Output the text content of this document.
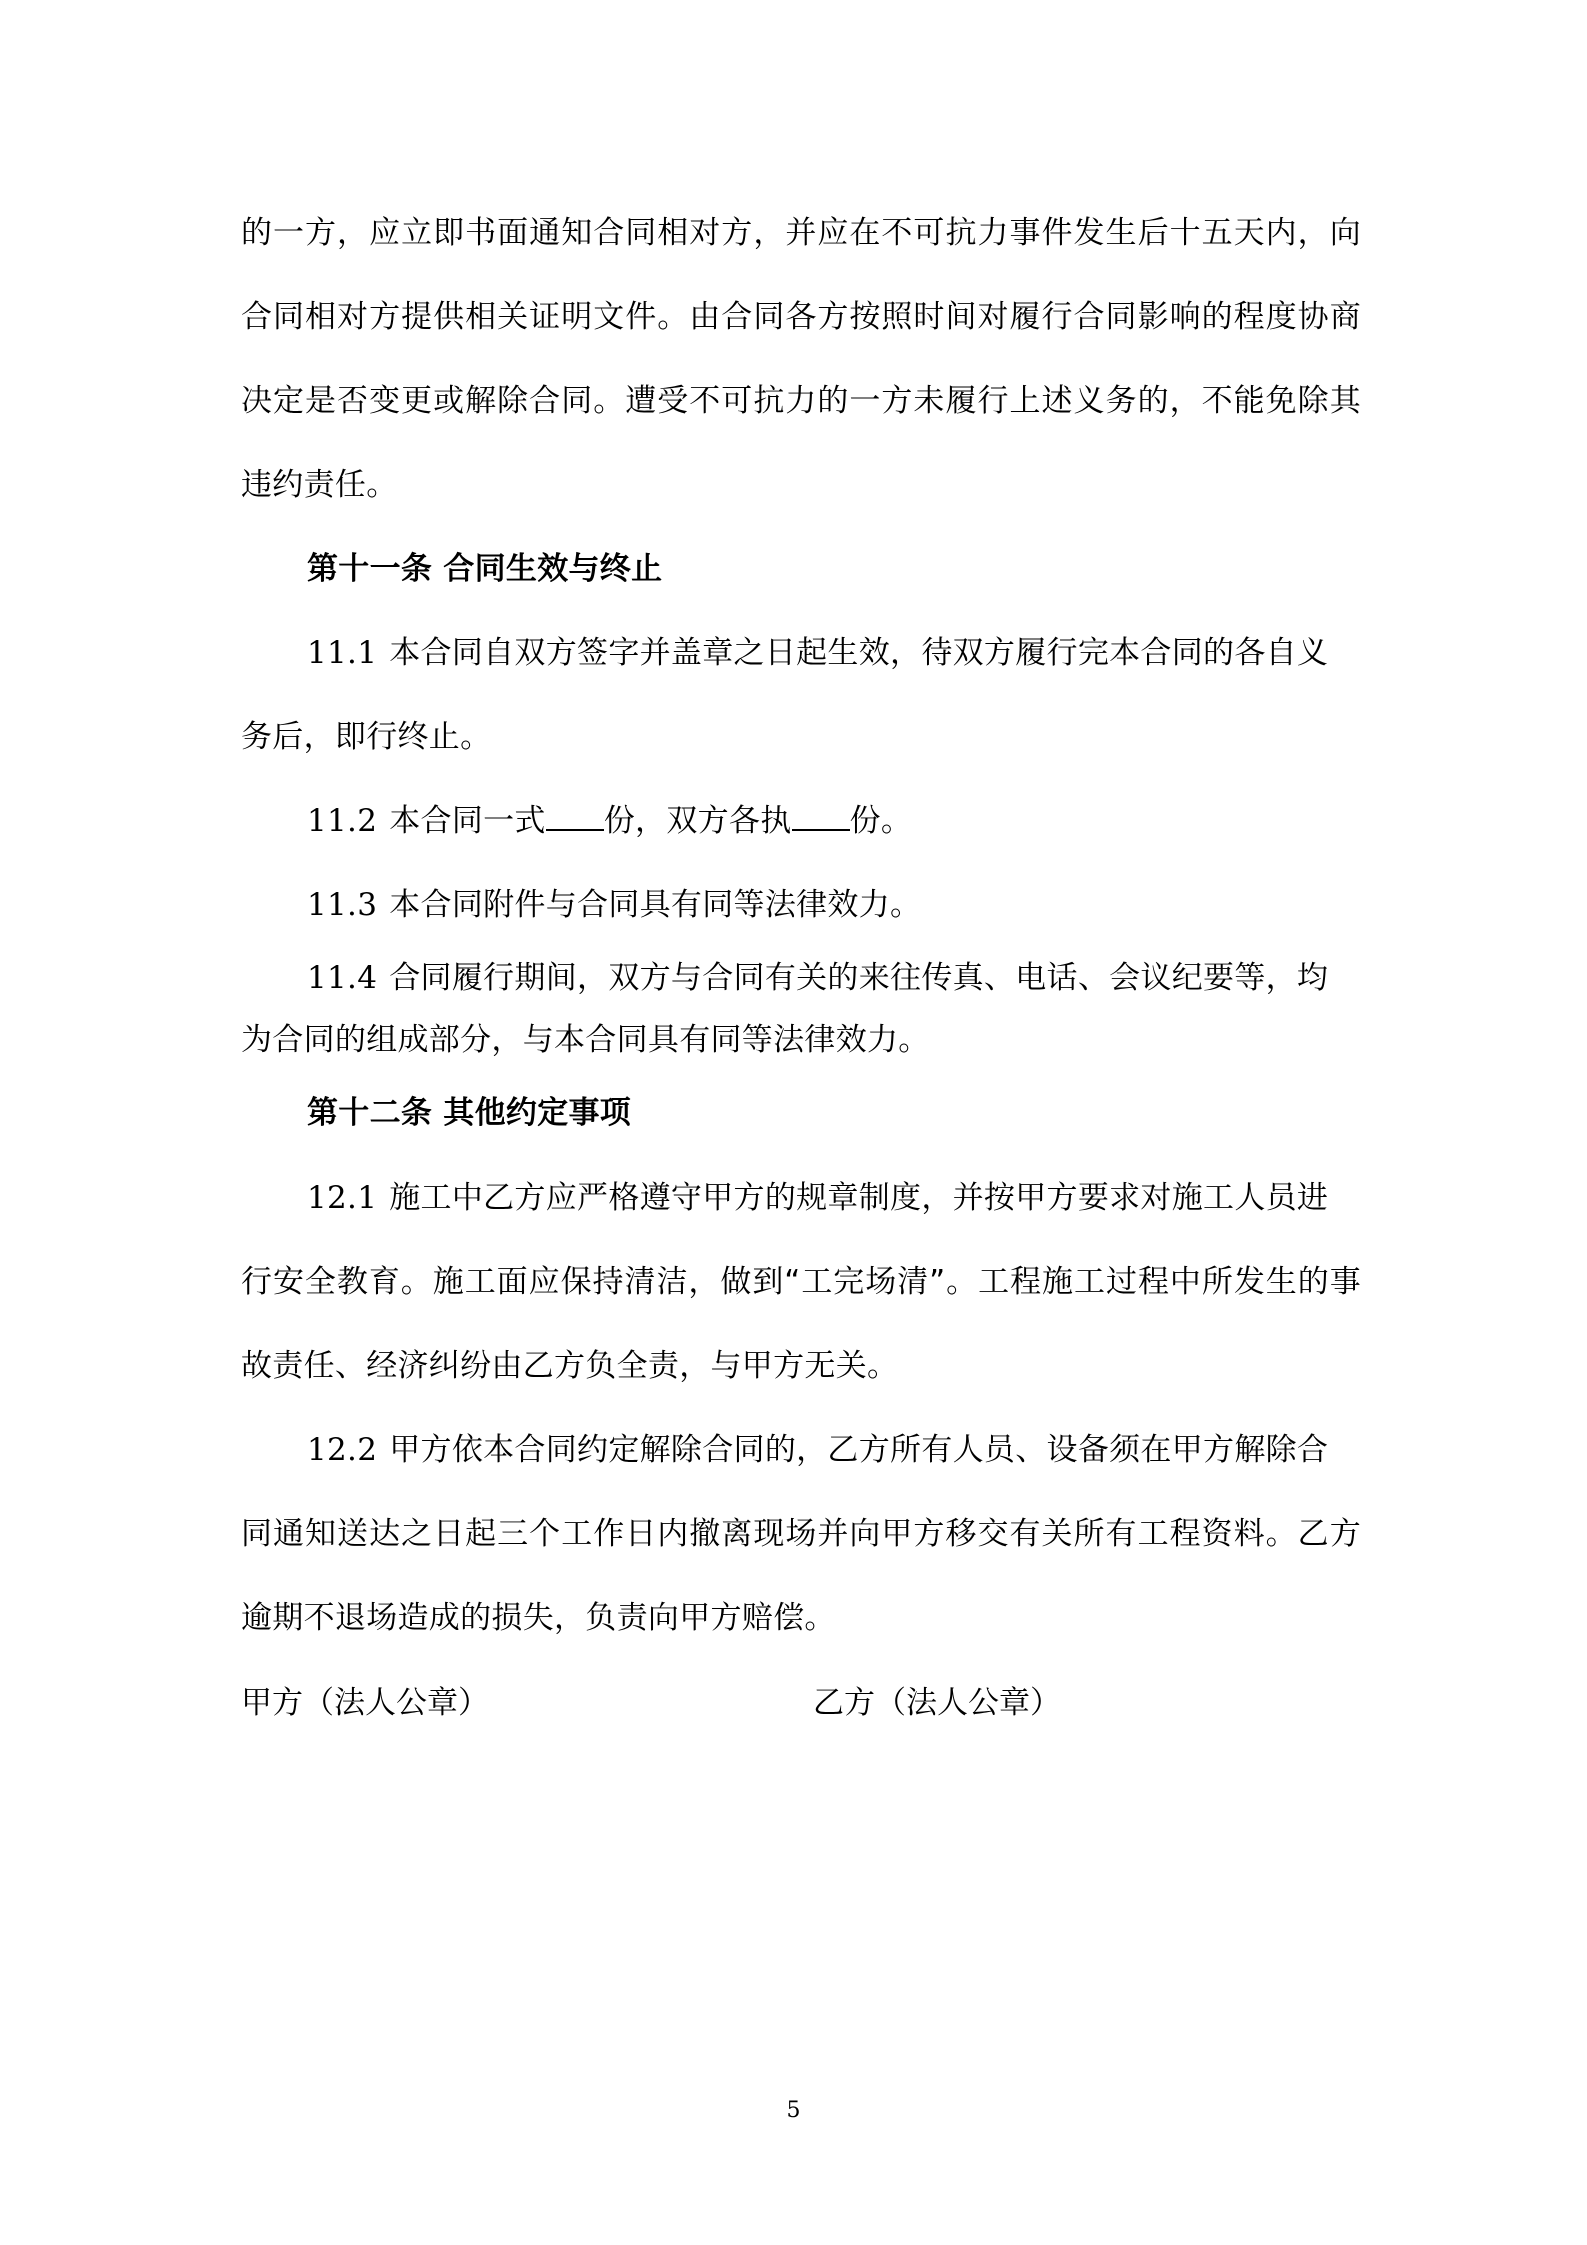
的一方，应立即书面通知合同相对方，并应在不可抗力事件发生后十五天内，向
合同相对方提供相关证明文件。由合同各方按照时间对履行合同影响的程度协商
决定是否变更或解除合同。遭受不可抗力的一方未履行上述义务的，不能免除其
违约责任。
第十一条 合同生效与终止
11.1 本合同自双方签字并盖章之日起生效，待双方履行完本合同的各自义
务后，即行终止。
11.2 本合同一式 份，双方各执 份。
11.3 本合同附件与合同具有同等法律效力。
11.4 合同履行期间，双方与合同有关的来往传真、电话、会议纪要等，均
为合同的组成部分，与本合同具有同等法律效力。
第十二条 其他约定事项
12.1 施工中乙方应严格遵守甲方的规章制度，并按甲方要求对施工人员进
行安全教育。施工面应保持清洁，做到“工完场清”。工程施工过程中所发生的事
故责任、经济纠纷由乙方负全责，与甲方无关。
12.2 甲方依本合同约定解除合同的，乙方所有人员、设备须在甲方解除合
同通知送达之日起三个工作日内撤离现场并向甲方移交有关所有工程资料。乙方
逾期不退场造成的损失，负责向甲方赔偿。
甲方（法人公章）	乙方（法人公章）
5
